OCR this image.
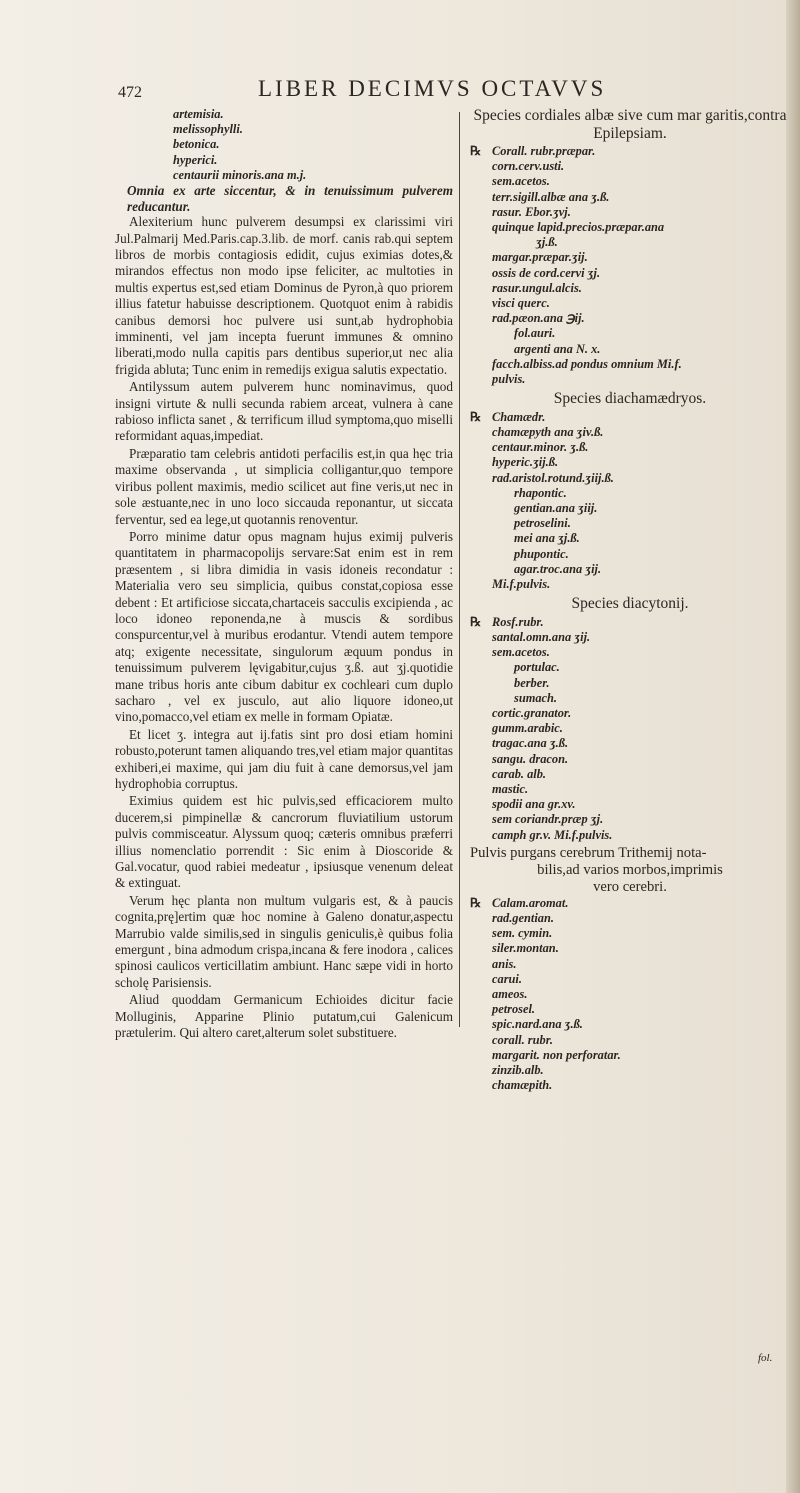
472	LIBER DECIMVS OCTAVVS
artemisia.
melissophylli.
betonica.
hyperici.
centaurii minoris.ana m.j.
Omnia ex arte siccentur, & in tenuissimum pulverem reducantur.

Alexiterium hunc pulverem desumpsi ex clarissimi viri Jul.Palmarij Med.Paris.cap.3.lib. de morf. canis rab.qui septem libros de morbis contagiosis edidit, cujus eximias dotes,& mirandos effectus non modo ipse feliciter, ac multoties in multis expertus est,sed etiam Dominus de Pyron,à quo priorem illius fatetur habuisse descriptionem. Quotquot enim à rabidis canibus demorsi hoc pulvere usi sunt,ab hydrophobia imminenti, vel jam incepta fuerunt immunes & omnino liberati,modo nulla capitis pars dentibus superior,ut nec alia frigida abluta; Tunc enim in remedijs exigua salutis expectatio.

Antilyssum autem pulverem hunc nominavimus, quod insigni virtute & nulli secunda rabiem arceat, vulnera à cane rabioso inflicta sanet , & terrificum illud symptoma,quo miselli reformidant aquas,impediat.

Præparatio tam celebris antidoti perfacilis est,in qua hęc tria maxime observanda , ut simplicia colligantur,quo tempore viribus pollent maximis, medio scilicet aut fine veris,ut nec in sole æstuante,nec in uno loco siccauda reponantur, ut siccata ferventur, sed ea lege,ut quotannis renoventur.

Porro minime datur opus magnam hujus eximij pulveris quantitatem in pharmacopolijs servare:Sat enim est in rem præsentem , si libra dimidia in vasis idoneis recondatur : Materialia vero seu simplicia, quibus constat,copiosa esse debent : Et artificiose siccata,chartaceis sacculis excipienda , ac loco idoneo reponenda,ne à muscis & sordibus conspurcentur,vel à muribus erodantur. Vtendi autem tempore atq; exigente necessitate, singulorum æquum pondus in tenuissimum pulverem lęvigabitur,cujus ʒ.ß. aut ʒj.quotidie mane tribus horis ante cibum dabitur ex cochleari cum duplo sacharo , vel ex jusculo, aut alio liquore idoneo,ut vino,pomacco,vel etiam ex melle in formam Opiatæ.

Et licet ʒ. integra aut ij.fatis sint pro dosi etiam homini robusto,poterunt tamen aliquando tres,vel etiam major quantitas exhiberi,ei maxime, qui jam diu fuit à cane demorsus,vel jam hydrophobia corruptus.

Eximius quidem est hic pulvis,sed efficaciorem multo ducerem,si pimpinellæ & cancrorum fluviatilium ustorum pulvis commisceatur. Alyssum quoq; cæteris omnibus præferri illius nomenclatio porrendit : Sic enim à Dioscoride & Gal.vocatur, quod rabiei medeatur , ipsiusque venenum deleat & extinguat.

Verum hęc planta non multum vulgaris est, & à paucis cognita,prę]ertim quæ hoc nomine à Galeno donatur,aspectu Marrubio valde similis,sed in singulis geniculis,è quibus folia emergunt , bina admodum crispa,incana & fere inodora , calices spinosi caulicos verticillatim ambiunt. Hanc sæpe vidi in horto scholę Parisiensis.

Aliud quoddam Germanicum Echioides dicitur facie Molluginis, Apparine Plinio putatum,cui Galenicum prætulerim. Qui altero caret,alterum solet substituere.

Species cordiales albæ sive cum mar garitis,contra Epilepsiam.
℞ Corall. rubr.præpar.
corn.cerv.usti.
sem.acetos.
terr.sigill.albæ ana ʒ.ß.
rasur. Ebor.ʒvj.
quinque lapid.precios.præpar.ana
ʒj.ß.
margar.præpar.ʒij.
ossis de cord.cervi ʒj.
rasur.ungul.alcis.
visci querc.
rad.pæon.ana ℈ij.
fol.auri.
argenti ana N. x.
facch.albiss.ad pondus omnium Mi.f.
pulvis.
Species diachamædryos.
℞ Chamædr.
chamæpyth ana ʒiv.ß.
centaur.minor. ʒ.ß.
hyperic.ʒij.ß.
rad.aristol.rotund.ʒiij.ß.
rhapontic.
gentian.ana ʒiij.
petroselini.
mei ana ʒj.ß.
phupontic.
agar.troc.ana ʒij.
Mi.f.pulvis.
Species diacytonij.
℞ Rosf.rubr.
santal.omn.ana ʒij.
sem.acetos.
portulac.
berber.
sumach.
cortic.granator.
gumm.arabic.
tragac.ana ʒ.ß.
sangu. dracon.
carab. alb.
mastic.
spodii ana gr.xv.
sem coriandr.præp ʒj.
camph gr.v. Mi.f.pulvis.
Pulvis purgans cerebrum Trithemij nota-
bilis,ad varios morbos,imprimis
vero cerebri.
℞ Calam.aromat.
rad.gentian.
sem. cymin.
siler.montan.
anis.
carui.
ameos.
petrosel.
spic.nard.ana ʒ.ß.
corall. rubr.
margarit. non perforatar.
zinzib.alb.
chamæpith.
fol.
